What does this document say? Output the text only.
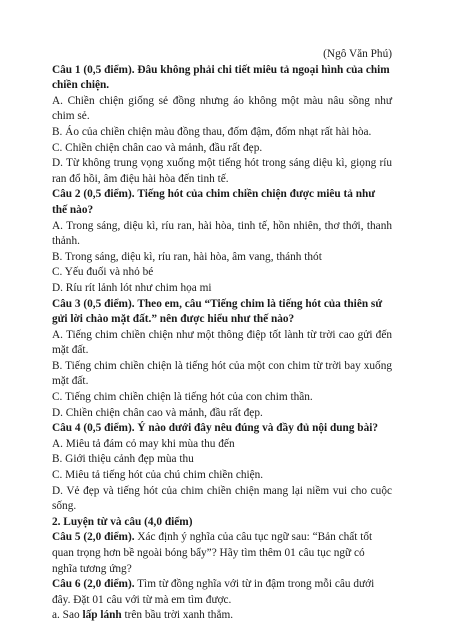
(Ngô Văn Phú)

Câu 1 (0,5 điểm). Đâu không phải chi tiết miêu tả ngoại hình của chim chiền chiện.

A. Chiền chiện giống sẻ đồng nhưng áo không một màu nâu sồng như chim sẻ.

B. Áo của chiền chiện màu đồng thau, đốm đậm, đốm nhạt rất hài hòa.

C. Chiền chiện chân cao và mảnh, đầu rất đẹp.

D. Từ không trung vọng xuống một tiếng hót trong sáng diệu kì, giọng ríu ran đổ hồi, âm điệu hài hòa đến tinh tế.

Câu 2 (0,5 điểm). Tiếng hót của chim chiền chiện được miêu tả như thế nào?

A. Trong sáng, diệu kì, ríu ran, hài hòa, tinh tế, hồn nhiên, thơ thới, thanh thảnh.

B. Trong sáng, diệu kì, ríu ran, hài hòa, âm vang, thánh thót

C. Yếu đuối và nhỏ bé

D. Ríu rít lảnh lót như chim họa mi

Câu 3 (0,5 điểm). Theo em, câu “Tiếng chim là tiếng hót của thiên sứ gửi lời chào mặt đất.” nên được hiểu như thế nào?

A. Tiếng chim chiền chiện như một thông điệp tốt lành từ trời cao gửi đến mặt đất.

B. Tiếng chim chiền chiện là tiếng hót của một con chim từ trời bay xuống mặt đất.

C. Tiếng chim chiền chiện là tiếng hót của con chim thần.

D. Chiền chiện chân cao và mảnh, đầu rất đẹp.

Câu 4 (0,5 điểm). Ý nào dưới đây nêu đúng và đầy đủ nội dung bài?

A. Miêu tả đám cỏ may khi mùa thu đến

B. Giới thiệu cảnh đẹp mùa thu

C. Miêu tả tiếng hót của chú chim chiền chiện.

D. Vẻ đẹp và tiếng hót của chim chiền chiện mang lại niềm vui cho cuộc sống.

2. Luyện từ và câu (4,0 điểm)

Câu 5 (2,0 điểm). Xác định ý nghĩa của câu tục ngữ sau: “Bản chất tốt quan trọng hơn bề ngoài bóng bẩy”? Hãy tìm thêm 01 câu tục ngữ có nghĩa tương ứng?

Câu 6 (2,0 điểm). Tìm từ đồng nghĩa với từ in đậm trong mỗi câu dưới đây. Đặt 01 câu với từ mà em tìm được.

a. Sao lấp lánh trên bầu trời xanh thẳm.
